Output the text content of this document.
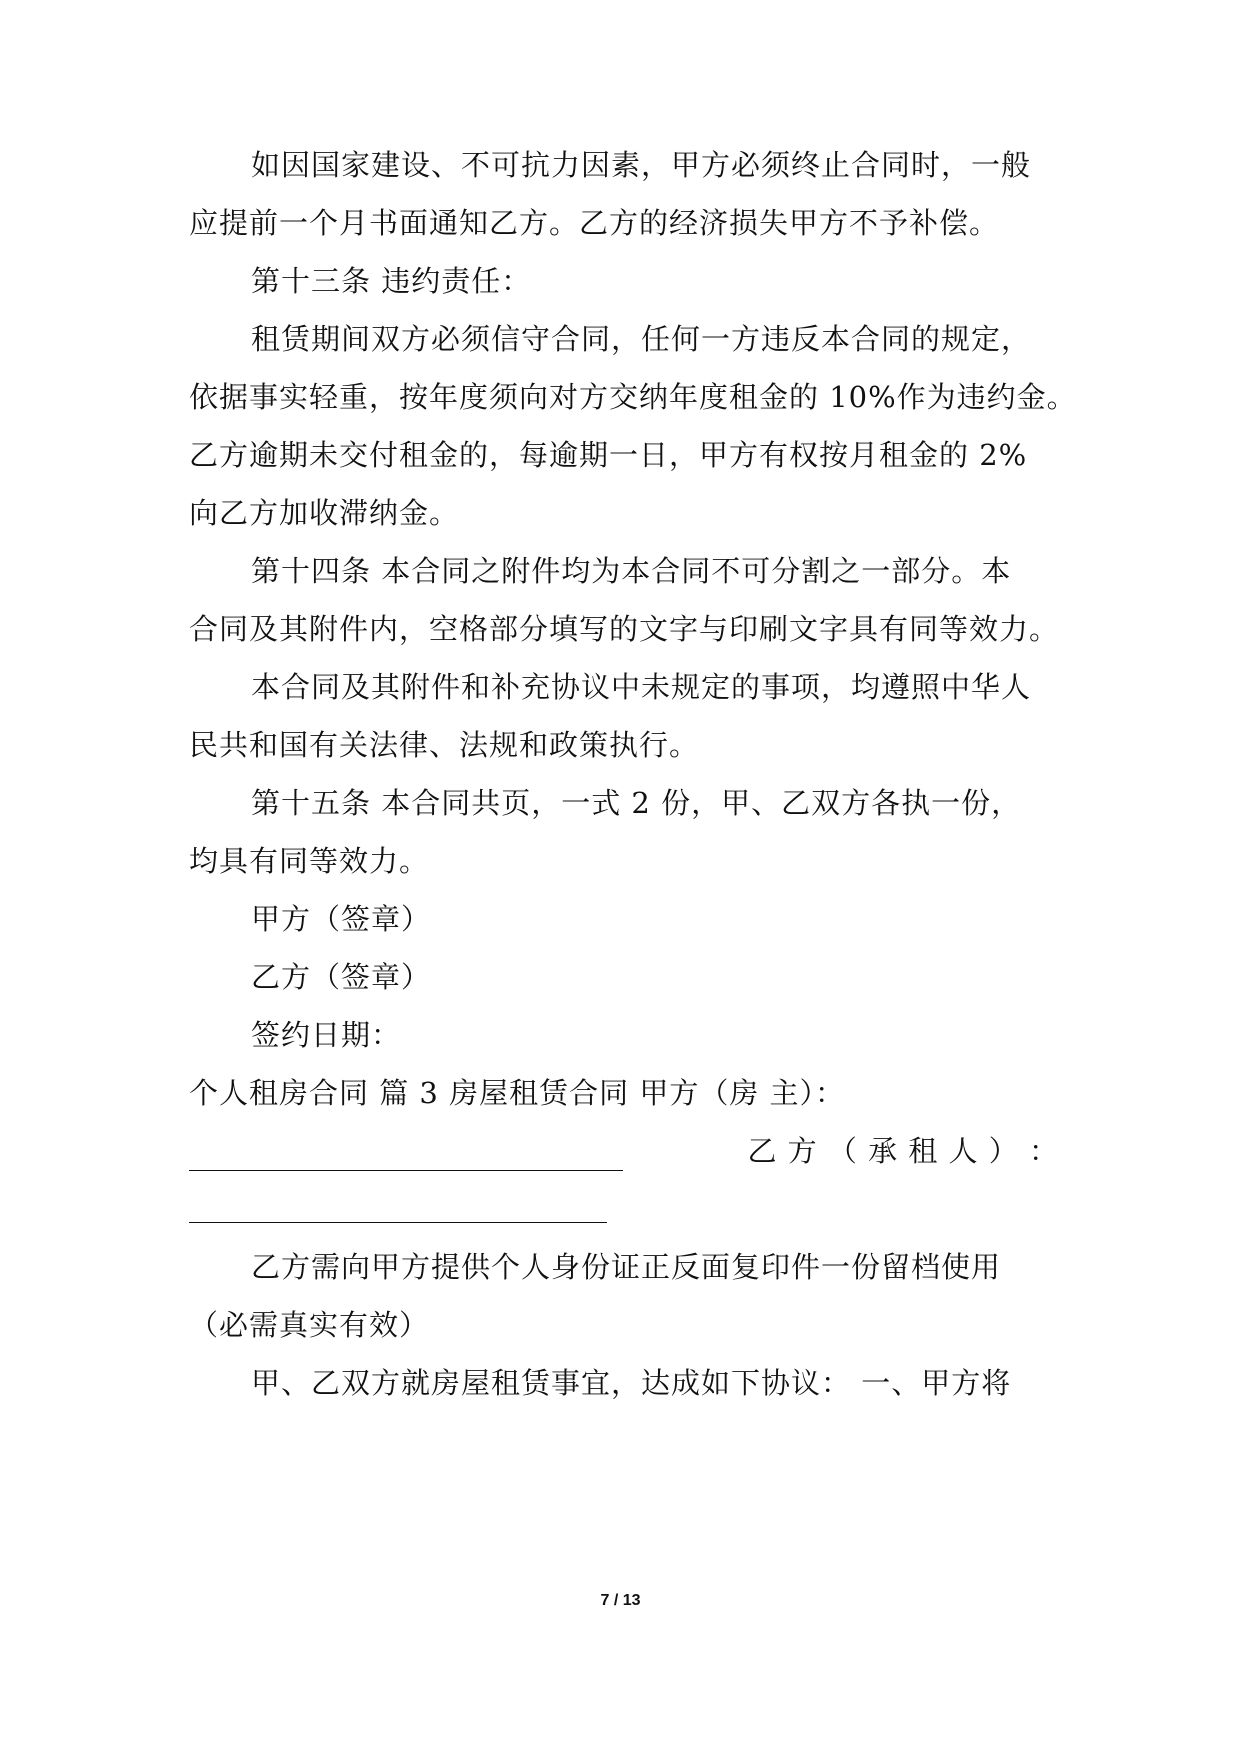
如因国家建设、不可抗力因素，甲方必须终止合同时，一般
应提前一个月书面通知乙方。乙方的经济损失甲方不予补偿。
第十三条 违约责任：
租赁期间双方必须信守合同，任何一方违反本合同的规定，
依据事实轻重，按年度须向对方交纳年度租金的 10%作为违约金。
乙方逾期未交付租金的，每逾期一日，甲方有权按月租金的 2%
向乙方加收滞纳金。
第十四条 本合同之附件均为本合同不可分割之一部分。本
合同及其附件内，空格部分填写的文字与印刷文字具有同等效力。
本合同及其附件和补充协议中未规定的事项，均遵照中华人
民共和国有关法律、法规和政策执行。
第十五条 本合同共页，一式 2 份，甲、乙双方各执一份，
均具有同等效力。
甲方（签章）
乙方（签章）
签约日期：
个人租房合同 篇 3 房屋租赁合同 甲方（房 主）：
乙 方 （ 承 租 人 ） ：
乙方需向甲方提供个人身份证正反面复印件一份留档使用
（必需真实有效）
甲、乙双方就房屋租赁事宜，达成如下协议： 一、甲方将
7 / 13
